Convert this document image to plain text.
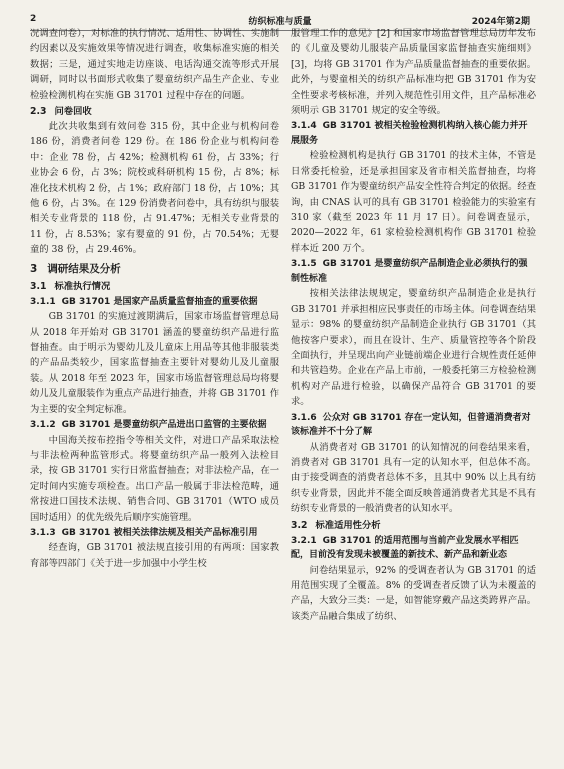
2	纺织标准与质量	2024年第2期

况调查问卷），对标准的执行情况、适用性、协调性、实施制约因素以及实施效果等情况进行调查，收集标准实施的相关数据；三是，通过实地走访座谈、电话沟通交流等形式开展调研，同时以书面形式收集了婴童纺织产品生产企业、专业检验检测机构在实施 GB 31701 过程中存在的问题。

2.3 问卷回收

此次共收集到有效问卷 315 份，其中企业与机构问卷 186 份，消费者问卷 129 份。在 186 份企业与机构问卷中：企业 78 份，占 42%；检测机构 61 份，占 33%；行业协会 6 份，占 3%；院校或科研机构 15 份，占 8%；标准化技术机构 2 份，占 1%；政府部门 18 份，占 10%；其他 6 份，占 3%。在 129 份消费者问卷中，具有纺织与服装相关专业背景的 118 份，占 91.47%；无相关专业背景的 11 份，占 8.53%；家有婴童的 91 份，占 70.54%；无婴童的 38 份，占 29.46%。

3 调研结果及分析
3.1 标准执行情况
3.1.1 GB 31701 是国家产品质量监督抽查的重要依据

GB 31701 的实施过渡期满后，国家市场监督管理总局从 2018 年开始对 GB 31701 涵盖的婴童纺织产品进行监督抽查。由于明示为婴幼儿及儿童床上用品等其他非服装类的产品品类较少，国家监督抽查主要针对婴幼儿及儿童服装。从 2018 年至 2023 年，国家市场监督管理总局均将婴幼儿及儿童服装作为重点产品进行抽查，并将 GB 31701 作为主要的安全判定标准。

3.1.2 GB 31701 是婴童纺织产品进出口监管的主要依据

中国海关按布控指令等相关文件，对进口产品采取法检与非法检两种监管形式。将婴童纺织产品一般列入法检目录，按 GB 31701 实行日常监督抽查；对非法检产品，在一定时间内实施专项检查。出口产品一般属于非法检范畴，通常按进口国技术法规、销售合同、GB 31701（WTO 成员国时适用）的优先级先后顺序实施管理。

3.1.3 GB 31701 被相关法律法规及相关产品标准引用

经查询，GB 31701 被法规直接引用的有两项：国家教育部等四部门《关于进一步加强中小学生校

服管理工作的意见》[2] 和国家市场监督管理总局历年发布的《儿童及婴幼儿服装产品质量国家监督抽查实施细则》[3]，均将 GB 31701 作为产品质量监督抽查的重要依据。此外，与婴童相关的纺织产品标准均把 GB 31701 作为安全性要求考核标准，并列入规范性引用文件，且产品标准必须明示 GB 31701 规定的安全等级。

3.1.4 GB 31701 被相关检验检测机构纳入核心能力并开展服务

检验检测机构是执行 GB 31701 的技术主体，不管是日常委托检验，还是承担国家及省市相关监督抽查，均将 GB 31701 作为婴童纺织产品安全性符合判定的依据。经查询，由 CNAS 认可的具有 GB 31701 检验能力的实验室有 310 家（截至 2023 年 11 月 17 日）。问卷调查显示，2020—2022 年，61 家检验检测机构作 GB 31701 检验样本近 200 万个。

3.1.5 GB 31701 是婴童纺织产品制造企业必须执行的强制性标准

按相关法律法规规定，婴童纺织产品制造企业是执行 GB 31701 并承担相应民事责任的市场主体。问卷调查结果显示：98% 的婴童纺织产品制造企业执行 GB 31701（其他按客户要求），而且在设计、生产、质量管控等各个阶段全面执行，并呈现出向产业链前端企业进行合规性责任延伸和共管趋势。企业在产品上市前，一般委托第三方检验检测机构对产品进行检验，以确保产品符合 GB 31701 的要求。

3.1.6 公众对 GB 31701 存在一定认知，但普通消费者对该标准并不十分了解

从消费者对 GB 31701 的认知情况的问卷结果来看，消费者对 GB 31701 具有一定的认知水平，但总体不高。由于接受调查的消费者总体不多，且其中 90% 以上具有纺织专业背景，因此并不能全面反映普通消费者尤其是不具有纺织专业背景的一般消费者的认知水平。

3.2 标准适用性分析
3.2.1 GB 31701 的适用范围与当前产业发展水平相匹配，目前没有发现未被覆盖的新技术、新产品和新业态

问卷结果显示，92% 的受调查者认为 GB 31701 的适用范围实现了全覆盖。8% 的受调查者反馈了认为未覆盖的产品，大致分三类：一是，如智能穿戴产品这类跨界产品。该类产品融合集成了纺织、
